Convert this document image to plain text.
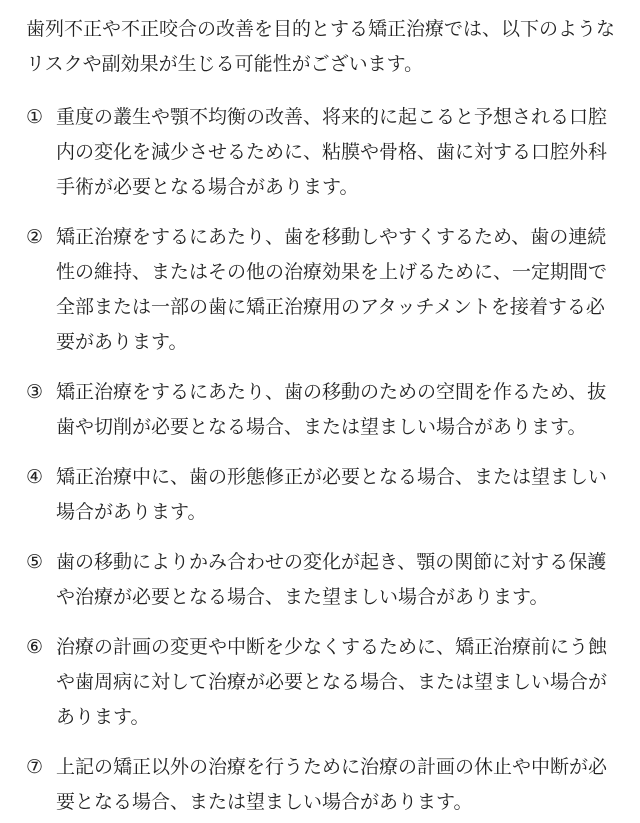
歯列不正や不正咬合の改善を目的とする矯正治療では、以下のようなリスクや副効果が生じる可能性がございます。

① 重度の叢生や顎不均衡の改善、将来的に起こると予想される口腔内の変化を減少させるために、粘膜や骨格、歯に対する口腔外科手術が必要となる場合があります。
② 矯正治療をするにあたり、歯を移動しやすくするため、歯の連続性の維持、またはその他の治療効果を上げるために、一定期間で全部または一部の歯に矯正治療用のアタッチメントを接着する必要があります。
③ 矯正治療をするにあたり、歯の移動のための空間を作るため、抜歯や切削が必要となる場合、または望ましい場合があります。
④ 矯正治療中に、歯の形態修正が必要となる場合、または望ましい場合があります。
⑤ 歯の移動によりかみ合わせの変化が起き、顎の関節に対する保護や治療が必要となる場合、また望ましい場合があります。
⑥ 治療の計画の変更や中断を少なくするために、矯正治療前にう蝕や歯周病に対して治療が必要となる場合、または望ましい場合があります。
⑦ 上記の矯正以外の治療を行うために治療の計画の休止や中断が必要となる場合、または望ましい場合があります。
